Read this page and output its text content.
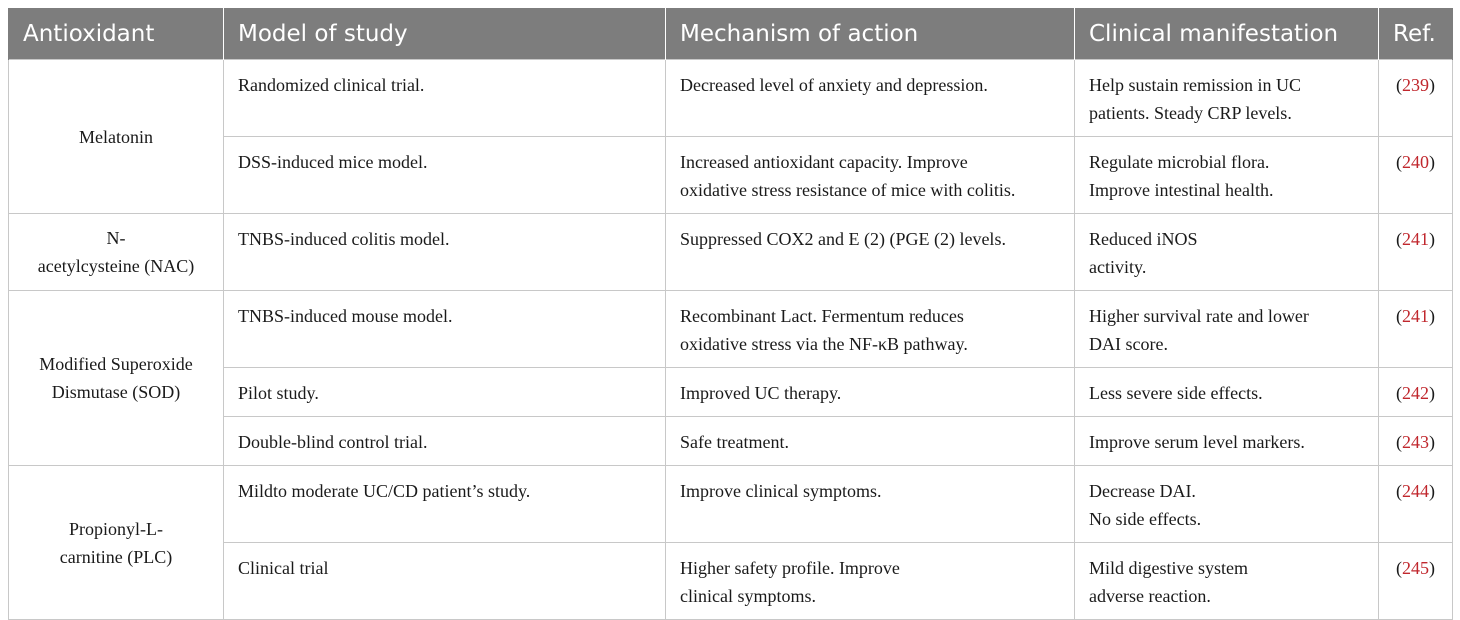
Antioxidant	Model of study	Mechanism of action	Clinical manifestation	Ref.

Melatonin	Randomized clinical trial.	Decreased level of anxiety and depression.	Help sustain remission in UC
patients. Steady CRP levels.	(239)
	DSS-induced mice model.	Increased antioxidant capacity. Improve
oxidative stress resistance of mice with colitis.	Regulate microbial flora.
Improve intestinal health.	(240)

N-
acetylcysteine (NAC)	TNBS-induced colitis model.	Suppressed COX2 and E (2) (PGE (2) levels.	Reduced iNOS
activity.	(241)

Modified Superoxide
Dismutase (SOD)	TNBS-induced mouse model.	Recombinant Lact. Fermentum reduces
oxidative stress via the NF-κB pathway.	Higher survival rate and lower
DAI score.	(241)
	Pilot study.	Improved UC therapy.	Less severe side effects.	(242)
	Double-blind control trial.	Safe treatment.	Improve serum level markers.	(243)

Propionyl-L-
carnitine (PLC)	Mildto moderate UC/CD patient’s study.	Improve clinical symptoms.	Decrease DAI.
No side effects.	(244)
	Clinical trial	Higher safety profile. Improve
clinical symptoms.	Mild digestive system
adverse reaction.	(245)
